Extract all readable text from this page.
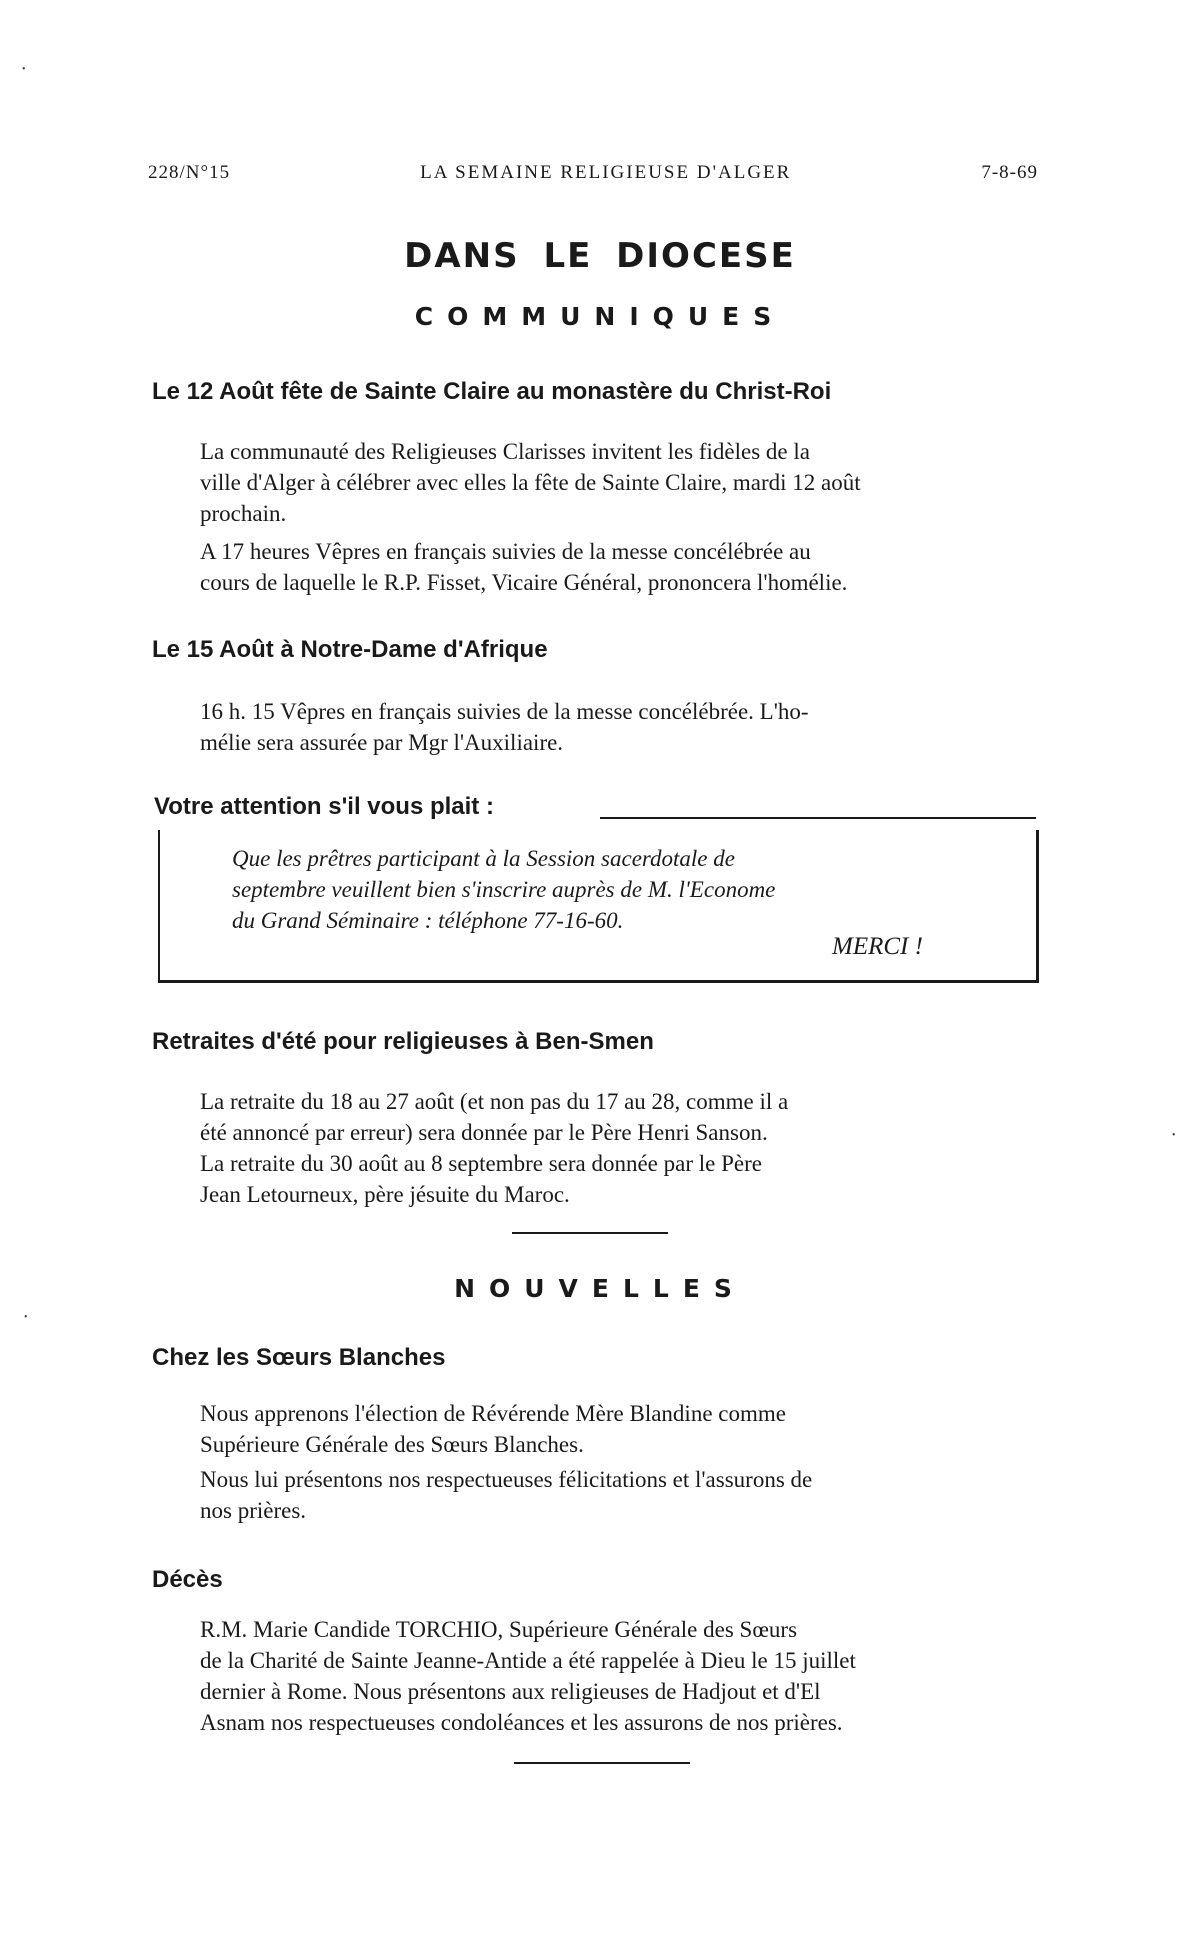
228/N°15	LA SEMAINE RELIGIEUSE D'ALGER	7-8-69
DANS LE DIOCESE
COMMUNIQUES
Le 12 Août fête de Sainte Claire au monastère du Christ-Roi

La communauté des Religieuses Clarisses invitent les fidèles de la
ville d'Alger à célébrer avec elles la fête de Sainte Claire, mardi 12 août
prochain.

A 17 heures Vêpres en français suivies de la messe concélébrée au
cours de laquelle le R.P. Fisset, Vicaire Général, prononcera l'homélie.

Le 15 Août à Notre-Dame d'Afrique

16 h. 15 Vêpres en français suivies de la messe concélébrée. L'ho-
mélie sera assurée par Mgr l'Auxiliaire.

Votre attention s'il vous plait :

Que les prêtres participant à la Session sacerdotale de
septembre veuillent bien s'inscrire auprès de M. l'Econome
du Grand Séminaire : téléphone 77-16-60.

MERCI !
Retraites d'été pour religieuses à Ben-Smen

La retraite du 18 au 27 août (et non pas du 17 au 28, comme il a
été annoncé par erreur) sera donnée par le Père Henri Sanson.

La retraite du 30 août au 8 septembre sera donnée par le Père
Jean Letourneux, père jésuite du Maroc.

NOUVELLES
Chez les Sœurs Blanches

Nous apprenons l'élection de Révérende Mère Blandine comme
Supérieure Générale des Sœurs Blanches.

Nous lui présentons nos respectueuses félicitations et l'assurons de
nos prières.

Décès

R.M. Marie Candide TORCHIO, Supérieure Générale des Sœurs
de la Charité de Sainte Jeanne-Antide a été rappelée à Dieu le 15 juillet
dernier à Rome. Nous présentons aux religieuses de Hadjout et d'El
Asnam nos respectueuses condoléances et les assurons de nos prières.

•
•
•
